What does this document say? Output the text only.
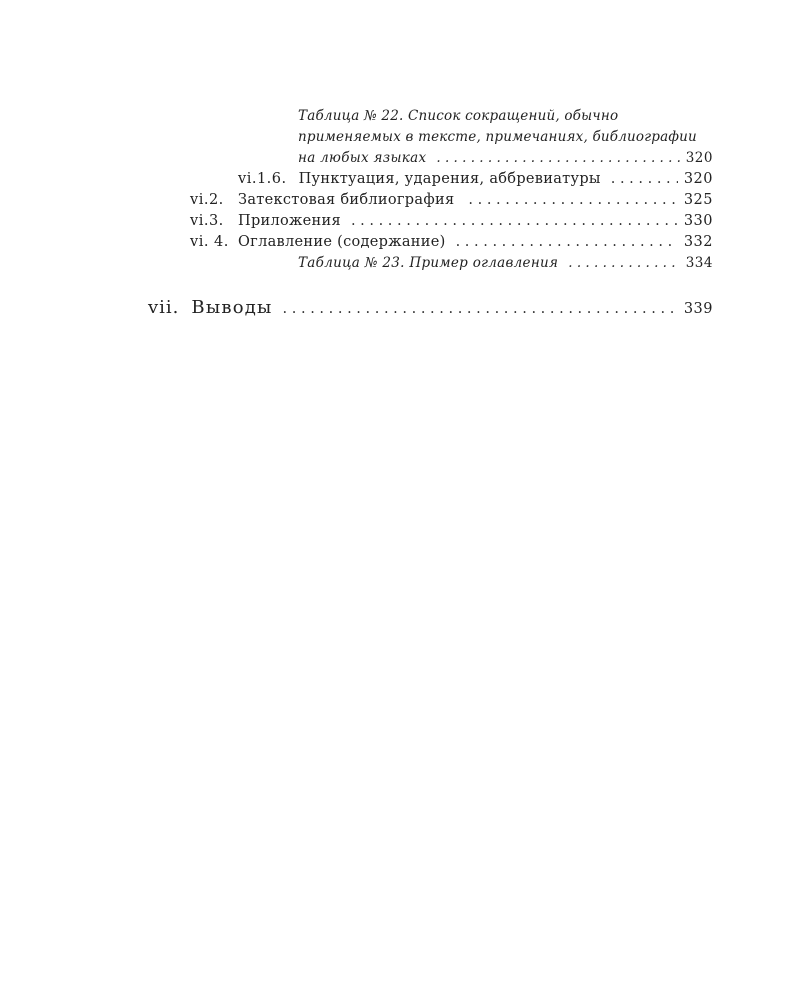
Таблица № 22. Список сокращений, обычно
применяемых в тексте, примечаниях, библиографии
на любых языках . . .	320
vi.1.6. Пунктуация, ударения, аббревиатуры . . .	320
vi.2. Затекстовая библиография . . .	325
vi.3. Приложения . . .	330
vi. 4. Оглавление (содержание) . . .	332
Таблица № 23. Пример оглавления . . .	334
vii. Выводы . . .	339
